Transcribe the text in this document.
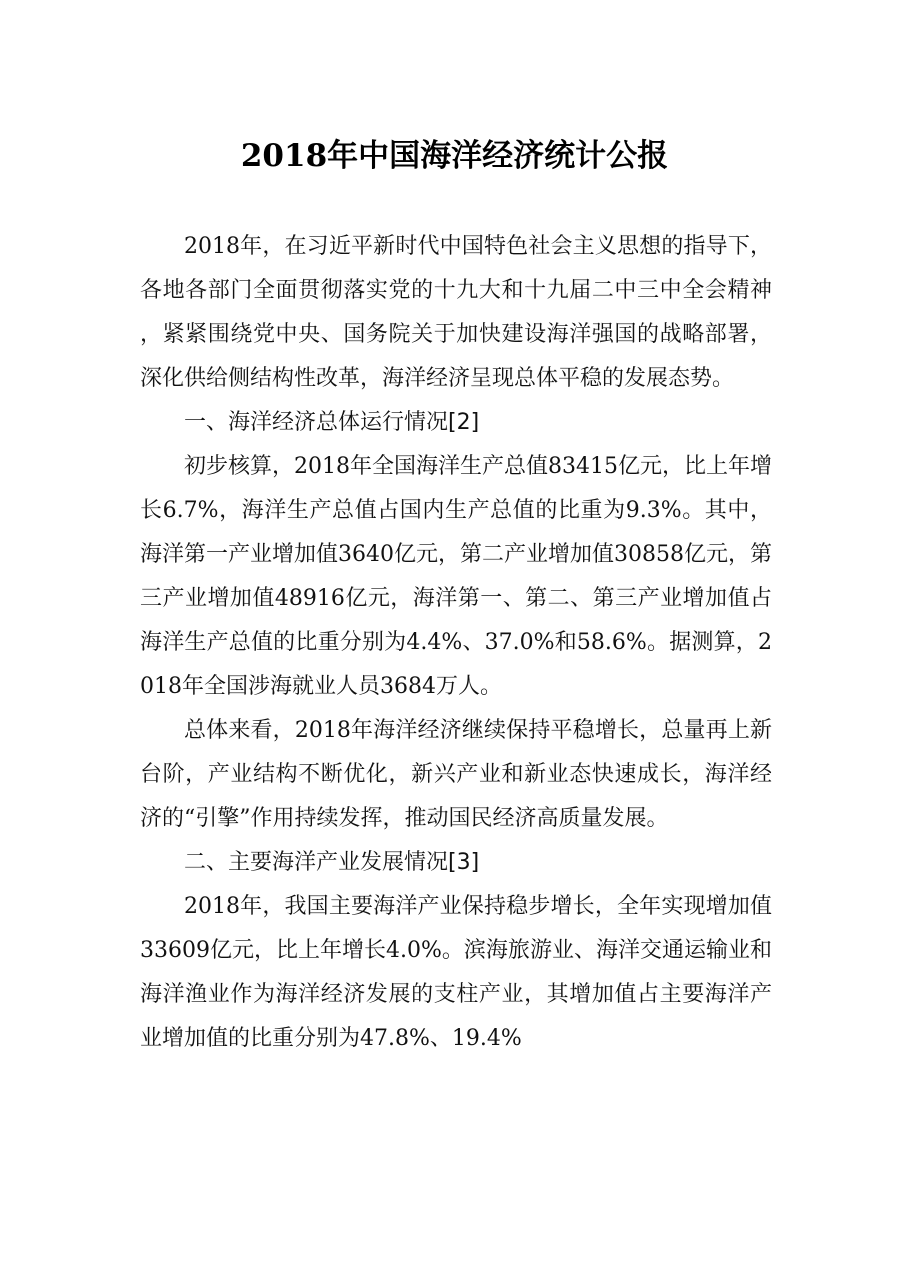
2018年中国海洋经济统计公报

2018年，在习近平新时代中国特色社会主义思想的指导下，各地各部门全面贯彻落实党的十九大和十九届二中三中全会精神，紧紧围绕党中央、国务院关于加快建设海洋强国的战略部署，深化供给侧结构性改革，海洋经济呈现总体平稳的发展态势。

一、海洋经济总体运行情况[2]

初步核算，2018年全国海洋生产总值83415亿元，比上年增长6.7%，海洋生产总值占国内生产总值的比重为9.3%。其中，海洋第一产业增加值3640亿元，第二产业增加值30858亿元，第三产业增加值48916亿元，海洋第一、第二、第三产业增加值占海洋生产总值的比重分别为4.4%、37.0%和58.6%。据测算，2018年全国涉海就业人员3684万人。

总体来看，2018年海洋经济继续保持平稳增长，总量再上新台阶，产业结构不断优化，新兴产业和新业态快速成长，海洋经济的“引擎”作用持续发挥，推动国民经济高质量发展。

二、主要海洋产业发展情况[3]

2018年，我国主要海洋产业保持稳步增长，全年实现增加值33609亿元，比上年增长4.0%。滨海旅游业、海洋交通运输业和海洋渔业作为海洋经济发展的支柱产业，其增加值占主要海洋产业增加值的比重分别为47.8%、19.4%
